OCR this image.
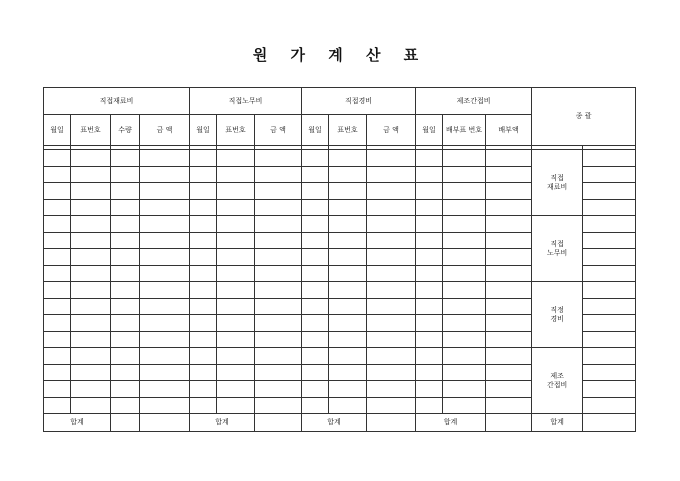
원 가 계 산 표
직접재료비				직접노무비			직접경비			제조간접비			종 괄	
월일	표번호	수량	금 액	월일	표번호	금 액	월일	표번호	금 액	월일	배부표 번호	배부액		

													직접
재료비	

													직접
노무비	

													직정
경비	

													제조
간접비	

합계				합계			합계			합계			합계	
